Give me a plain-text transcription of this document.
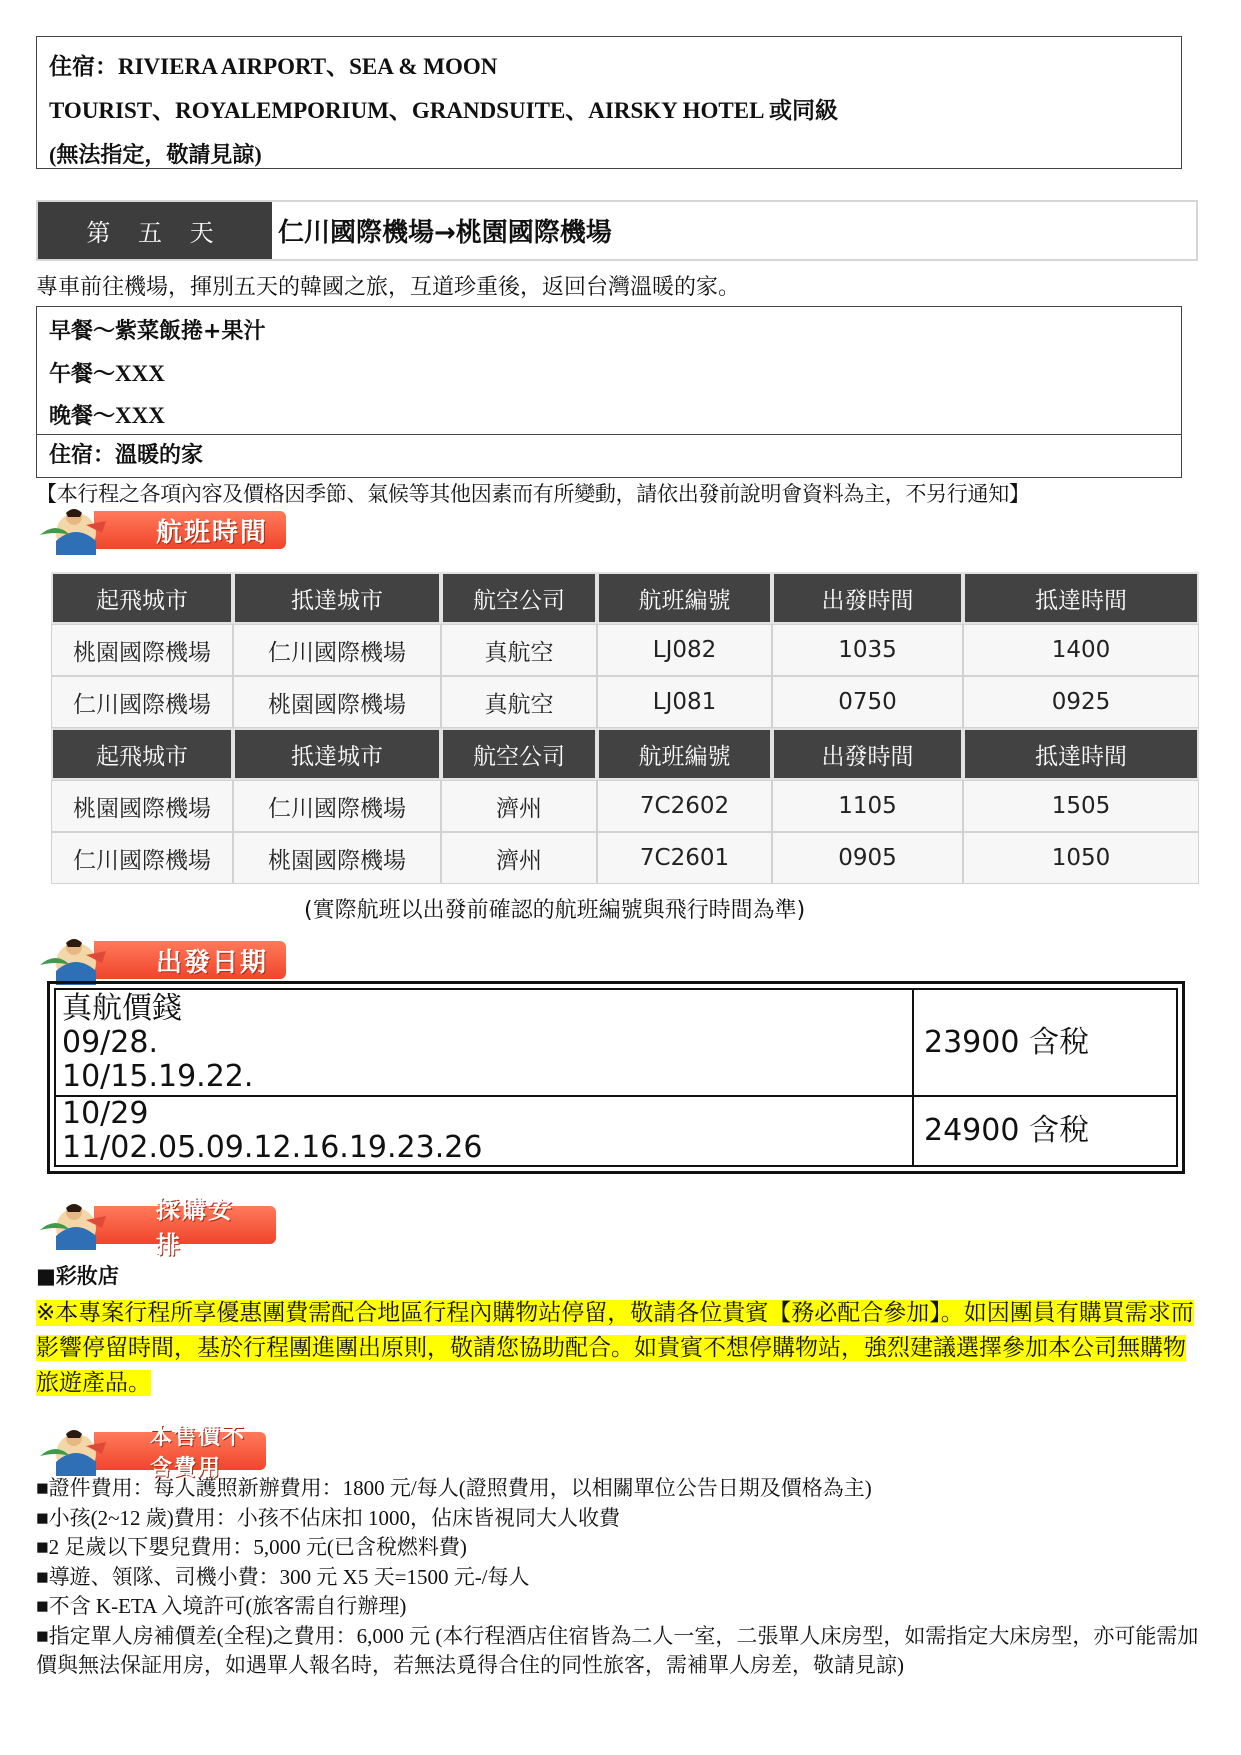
住宿：RIVIERA AIRPORT、SEA & MOON
TOURIST、ROYALEMPORIUM、GRANDSUITE、AIRSKY HOTEL 或同級
(無法指定，敬請見諒)
第 五 天	仁川國際機場→桃園國際機場
專車前往機場，揮別五天的韓國之旅，互道珍重後，返回台灣溫暖的家。
早餐～紫菜飯捲+果汁
午餐～XXX
晚餐～XXX
住宿：溫暖的家
【本行程之各項內容及價格因季節、氣候等其他因素而有所變動，請依出發前說明會資料為主，不另行通知】
航班時間
起飛城市	抵達城市	航空公司	航班編號	出發時間	抵達時間
桃園國際機場	仁川國際機場	真航空	LJ082	1035	1400
仁川國際機場	桃園國際機場	真航空	LJ081	0750	0925
起飛城市	抵達城市	航空公司	航班編號	出發時間	抵達時間
桃園國際機場	仁川國際機場	濟州	7C2602	1105	1505
仁川國際機場	桃園國際機場	濟州	7C2601	0905	1050
(實際航班以出發前確認的航班編號與飛行時間為準)
出發日期
真航價錢
09/28.
10/15.19.22.	23900 含稅

10/29
11/02.05.09.12.16.19.23.26	24900 含稅
採購安排
■彩妝店
※本專案行程所享優惠團費需配合地區行程內購物站停留，敬請各位貴賓【務必配合參加】。如因團員有購買需求而影響停留時間，基於行程團進團出原則，敬請您協助配合。如貴賓不想停購物站，強烈建議選擇參加本公司無購物旅遊產品。
本售價不含費用
■證件費用：每人護照新辦費用：1800 元/每人(證照費用，以相關單位公告日期及價格為主)
■小孩(2~12 歲)費用：小孩不佔床扣 1000，佔床皆視同大人收費
■2 足歲以下嬰兒費用：5,000 元(已含稅燃料費)
■導遊、領隊、司機小費：300 元 X5 天=1500 元-/每人
■不含 K-ETA 入境許可(旅客需自行辦理)
■指定單人房補價差(全程)之費用：6,000 元 (本行程酒店住宿皆為二人一室，二張單人床房型，如需指定大床房型，亦可能需加價與無法保証用房，如遇單人報名時，若無法覓得合住的同性旅客，需補單人房差，敬請見諒)
